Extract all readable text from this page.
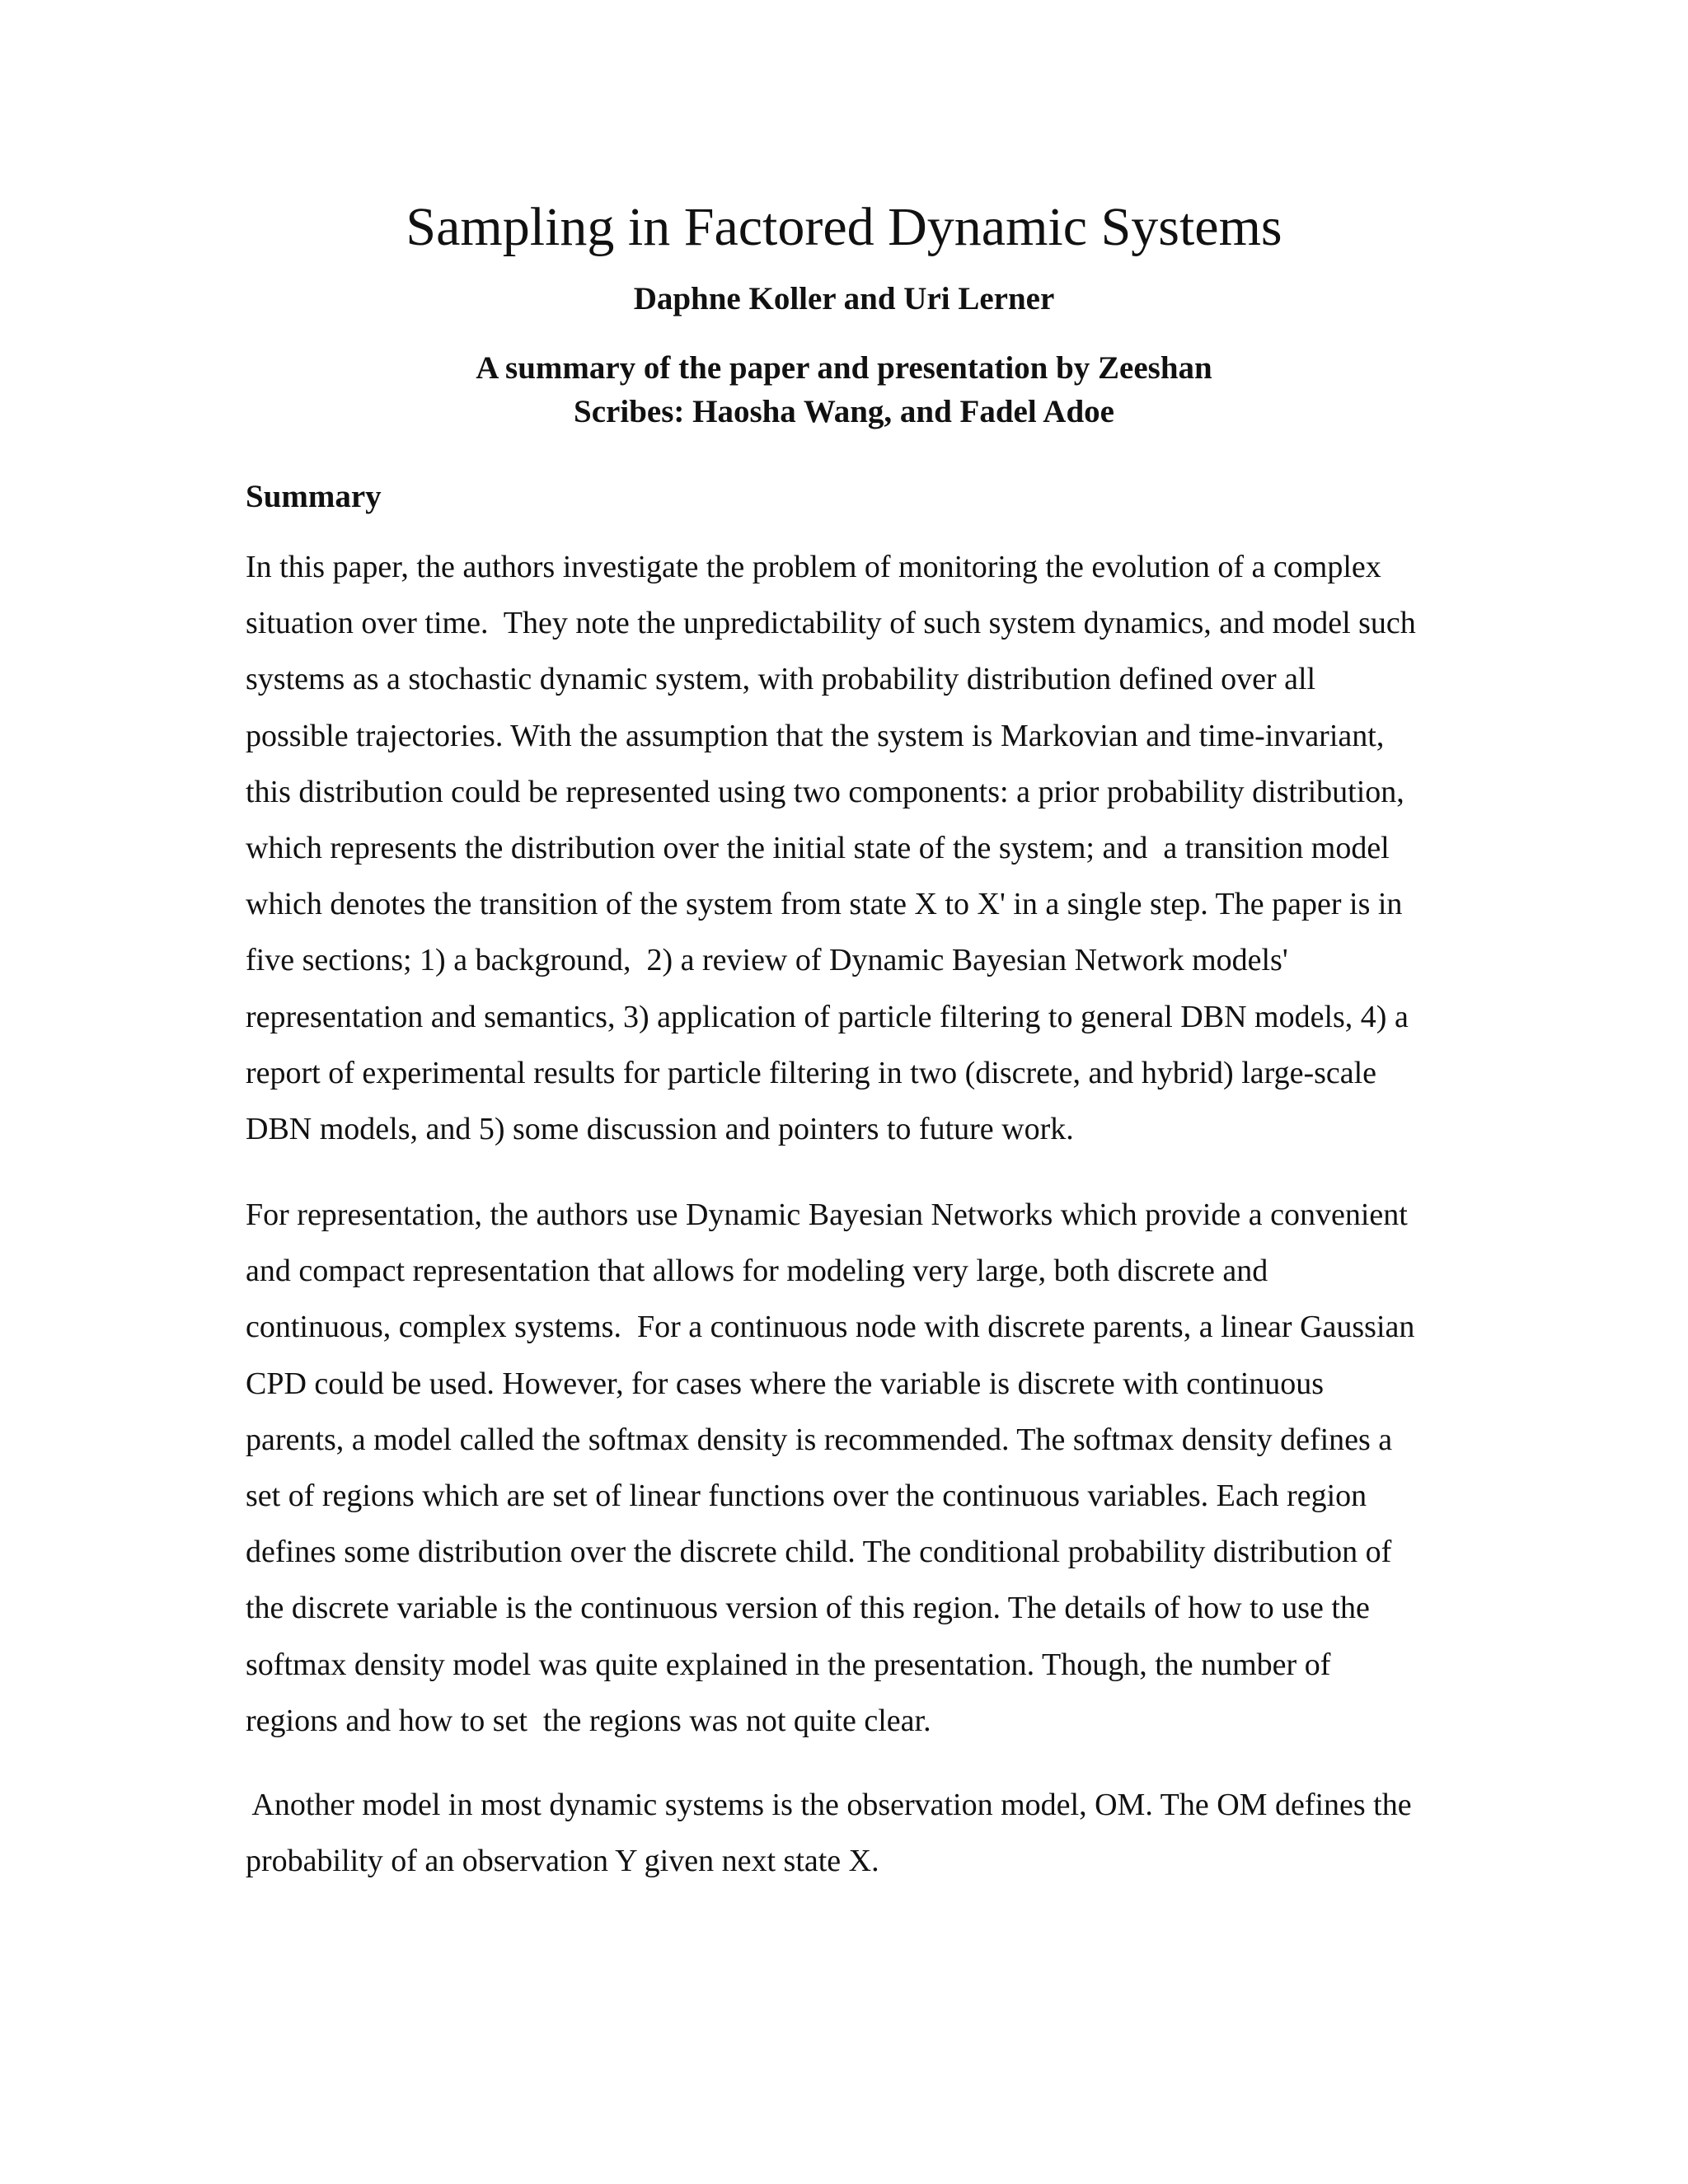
Sampling in Factored Dynamic Systems
Daphne Koller and Uri Lerner
A summary of the paper and presentation by Zeeshan
Scribes: Haosha Wang, and Fadel Adoe
Summary

In this paper, the authors investigate the problem of monitoring the evolution of a complex
situation over time.  They note the unpredictability of such system dynamics, and model such
systems as a stochastic dynamic system, with probability distribution defined over all
possible trajectories. With the assumption that the system is Markovian and time-invariant,
this distribution could be represented using two components: a prior probability distribution,
which represents the distribution over the initial state of the system; and  a transition model
which denotes the transition of the system from state X to X' in a single step. The paper is in
five sections; 1) a background,  2) a review of Dynamic Bayesian Network models'
representation and semantics, 3) application of particle filtering to general DBN models, 4) a
report of experimental results for particle filtering in two (discrete, and hybrid) large-scale
DBN models, and 5) some discussion and pointers to future work.

For representation, the authors use Dynamic Bayesian Networks which provide a convenient
and compact representation that allows for modeling very large, both discrete and
continuous, complex systems.  For a continuous node with discrete parents, a linear Gaussian
CPD could be used. However, for cases where the variable is discrete with continuous
parents, a model called the softmax density is recommended. The softmax density defines a
set of regions which are set of linear functions over the continuous variables. Each region
defines some distribution over the discrete child. The conditional probability distribution of
the discrete variable is the continuous version of this region. The details of how to use the
softmax density model was quite explained in the presentation. Though, the number of
regions and how to set  the regions was not quite clear.

Another model in most dynamic systems is the observation model, OM. The OM defines the
probability of an observation Y given next state X.
